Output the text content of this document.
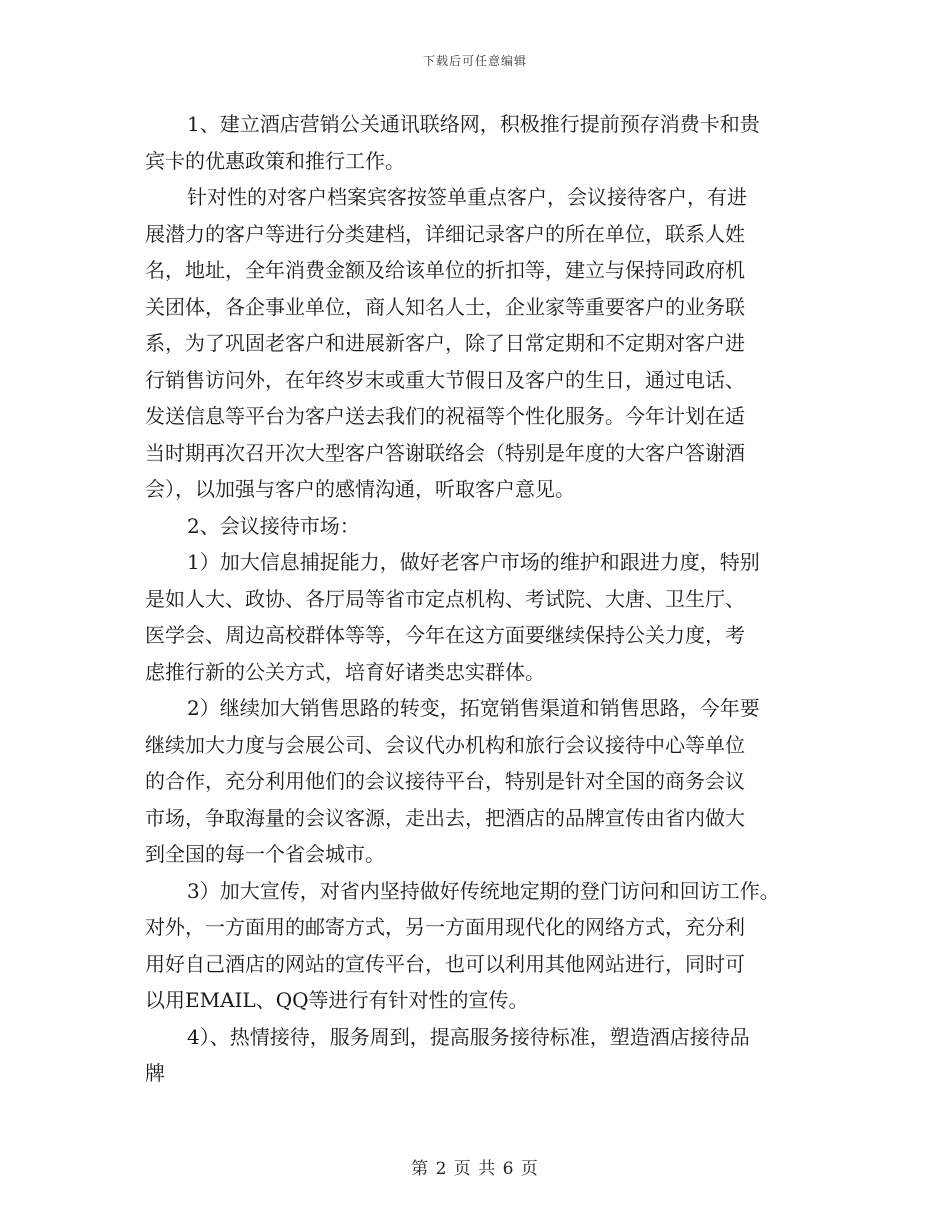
下载后可任意编辑
1、建立酒店营销公关通讯联络网，积极推行提前预存消费卡和贵
宾卡的优惠政策和推行工作。
针对性的对客户档案宾客按签单重点客户，会议接待客户，有进
展潜力的客户等进行分类建档，详细记录客户的所在单位，联系人姓
名，地址，全年消费金额及给该单位的折扣等，建立与保持同政府机
关团体，各企事业单位，商人知名人士，企业家等重要客户的业务联
系，为了巩固老客户和进展新客户，除了日常定期和不定期对客户进
行销售访问外，在年终岁末或重大节假日及客户的生日，通过电话、
发送信息等平台为客户送去我们的祝福等个性化服务。今年计划在适
当时期再次召开次大型客户答谢联络会（特别是年度的大客户答谢酒
会），以加强与客户的感情沟通，听取客户意见。
2、会议接待市场：
1）加大信息捕捉能力，做好老客户市场的维护和跟进力度，特别
是如人大、政协、各厅局等省市定点机构、考试院、大唐、卫生厅、
医学会、周边高校群体等等，今年在这方面要继续保持公关力度，考
虑推行新的公关方式，培育好诸类忠实群体。
2）继续加大销售思路的转变，拓宽销售渠道和销售思路，今年要
继续加大力度与会展公司、会议代办机构和旅行会议接待中心等单位
的合作，充分利用他们的会议接待平台，特别是针对全国的商务会议
市场，争取海量的会议客源，走出去，把酒店的品牌宣传由省内做大
到全国的每一个省会城市。
3）加大宣传，对省内坚持做好传统地定期的登门访问和回访工作。
对外，一方面用的邮寄方式，另一方面用现代化的网络方式，充分利
用好自己酒店的网站的宣传平台，也可以利用其他网站进行，同时可
以用EMAIL、QQ等进行有针对性的宣传。
4）、热情接待，服务周到，提高服务接待标准，塑造酒店接待品
牌
第 2 页 共 6 页
